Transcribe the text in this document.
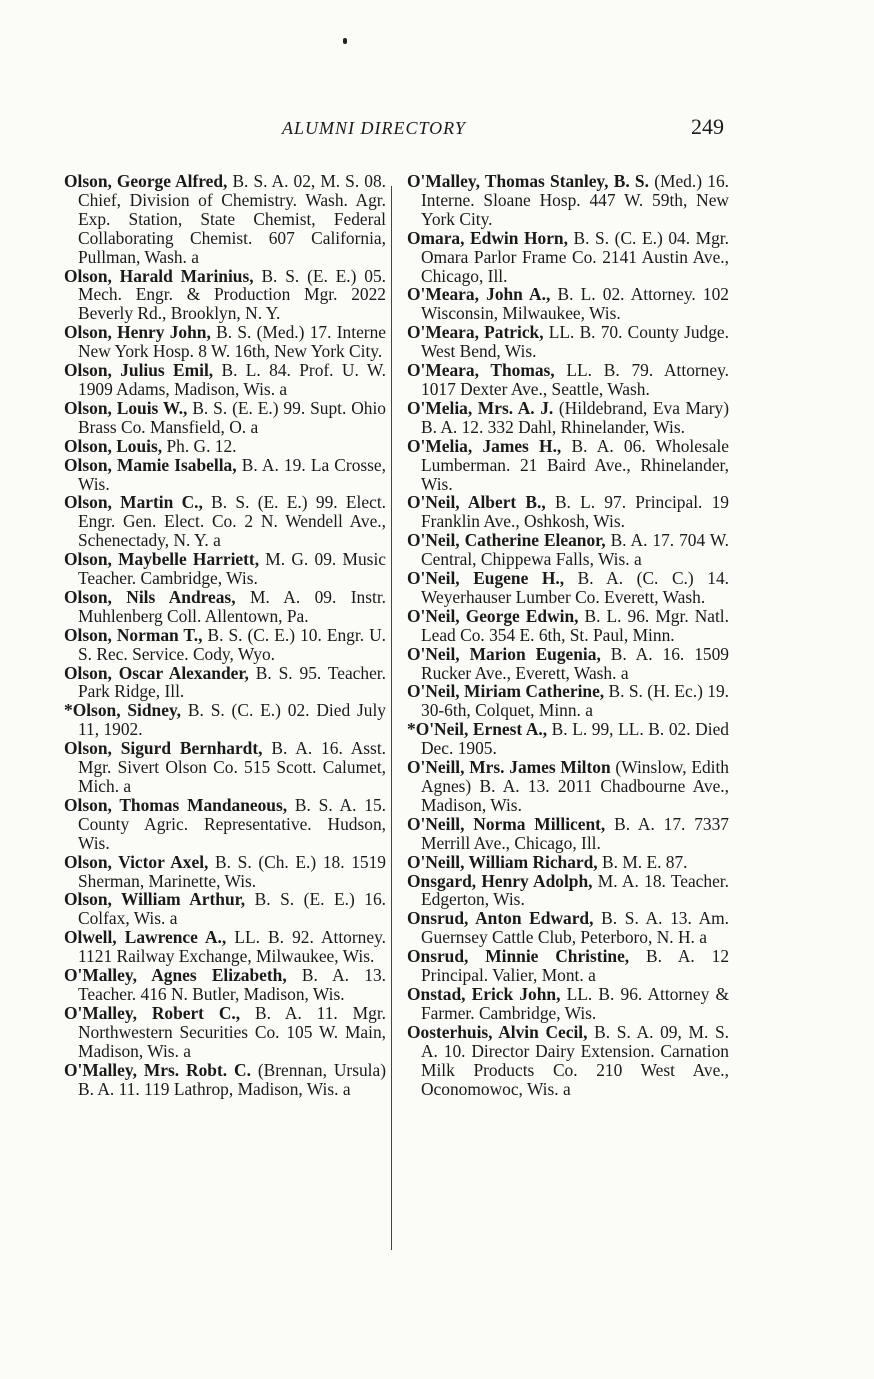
ALUMNI DIRECTORY	249

Olson, George Alfred, B. S. A. 02, M. S. 08. Chief, Division of Chemistry. Wash. Agr. Exp. Station, State Chemist, Federal Collaborating Chemist. 607 California, Pullman, Wash. a

Olson, Harald Marinius, B. S. (E. E.) 05. Mech. Engr. & Production Mgr. 2022 Beverly Rd., Brooklyn, N. Y.

Olson, Henry John, B. S. (Med.) 17. Interne New York Hosp. 8 W. 16th, New York City.

Olson, Julius Emil, B. L. 84. Prof. U. W. 1909 Adams, Madison, Wis. a

Olson, Louis W., B. S. (E. E.) 99. Supt. Ohio Brass Co. Mansfield, O. a

Olson, Louis, Ph. G. 12.

Olson, Mamie Isabella, B. A. 19. La Crosse, Wis.

Olson, Martin C., B. S. (E. E.) 99. Elect. Engr. Gen. Elect. Co. 2 N. Wendell Ave., Schenectady, N. Y. a

Olson, Maybelle Harriett, M. G. 09. Music Teacher. Cambridge, Wis.

Olson, Nils Andreas, M. A. 09. Instr. Muhlenberg Coll. Allentown, Pa.

Olson, Norman T., B. S. (C. E.) 10. Engr. U. S. Rec. Service. Cody, Wyo.

Olson, Oscar Alexander, B. S. 95. Teacher. Park Ridge, Ill.

*Olson, Sidney, B. S. (C. E.) 02. Died July 11, 1902.

Olson, Sigurd Bernhardt, B. A. 16. Asst. Mgr. Sivert Olson Co. 515 Scott. Calumet, Mich. a

Olson, Thomas Mandaneous, B. S. A. 15. County Agric. Representative. Hudson, Wis.

Olson, Victor Axel, B. S. (Ch. E.) 18. 1519 Sherman, Marinette, Wis.

Olson, William Arthur, B. S. (E. E.) 16. Colfax, Wis. a

Olwell, Lawrence A., LL. B. 92. Attorney. 1121 Railway Exchange, Milwaukee, Wis.

O'Malley, Agnes Elizabeth, B. A. 13. Teacher. 416 N. Butler, Madison, Wis.

O'Malley, Robert C., B. A. 11. Mgr. Northwestern Securities Co. 105 W. Main, Madison, Wis. a

O'Malley, Mrs. Robt. C. (Brennan, Ursula) B. A. 11. 119 Lathrop, Madison, Wis. a

O'Malley, Thomas Stanley, B. S. (Med.) 16. Interne. Sloane Hosp. 447 W. 59th, New York City.

Omara, Edwin Horn, B. S. (C. E.) 04. Mgr. Omara Parlor Frame Co. 2141 Austin Ave., Chicago, Ill.

O'Meara, John A., B. L. 02. Attorney. 102 Wisconsin, Milwaukee, Wis.

O'Meara, Patrick, LL. B. 70. County Judge. West Bend, Wis.

O'Meara, Thomas, LL. B. 79. Attorney. 1017 Dexter Ave., Seattle, Wash.

O'Melia, Mrs. A. J. (Hildebrand, Eva Mary) B. A. 12. 332 Dahl, Rhinelander, Wis.

O'Melia, James H., B. A. 06. Wholesale Lumberman. 21 Baird Ave., Rhinelander, Wis.

O'Neil, Albert B., B. L. 97. Principal. 19 Franklin Ave., Oshkosh, Wis.

O'Neil, Catherine Eleanor, B. A. 17. 704 W. Central, Chippewa Falls, Wis. a

O'Neil, Eugene H., B. A. (C. C.) 14. Weyerhauser Lumber Co. Everett, Wash.

O'Neil, George Edwin, B. L. 96. Mgr. Natl. Lead Co. 354 E. 6th, St. Paul, Minn.

O'Neil, Marion Eugenia, B. A. 16. 1509 Rucker Ave., Everett, Wash. a

O'Neil, Miriam Catherine, B. S. (H. Ec.) 19. 30-6th, Colquet, Minn. a

*O'Neil, Ernest A., B. L. 99, LL. B. 02. Died Dec. 1905.

O'Neill, Mrs. James Milton (Winslow, Edith Agnes) B. A. 13. 2011 Chadbourne Ave., Madison, Wis.

O'Neill, Norma Millicent, B. A. 17. 7337 Merrill Ave., Chicago, Ill.

O'Neill, William Richard, B. M. E. 87.

Onsgard, Henry Adolph, M. A. 18. Teacher. Edgerton, Wis.

Onsrud, Anton Edward, B. S. A. 13. Am. Guernsey Cattle Club, Peterboro, N. H. a

Onsrud, Minnie Christine, B. A. 12 Principal. Valier, Mont. a

Onstad, Erick John, LL. B. 96. Attorney & Farmer. Cambridge, Wis.

Oosterhuis, Alvin Cecil, B. S. A. 09, M. S. A. 10. Director Dairy Extension. Carnation Milk Products Co. 210 West Ave., Oconomowoc, Wis. a
